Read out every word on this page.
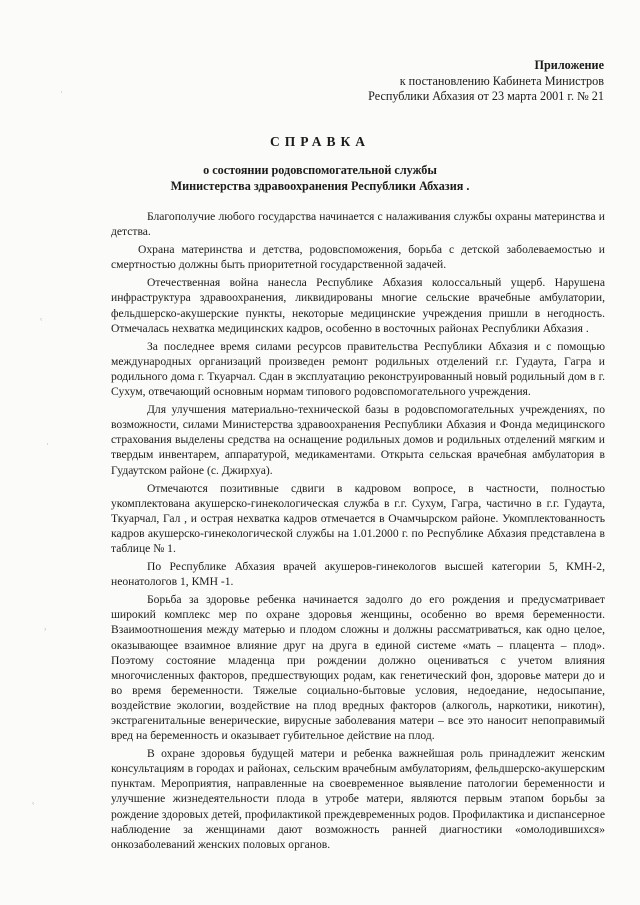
Приложение
к постановлению Кабинета Министров
Республики Абхазия от 23 марта 2001 г. № 21
СПРАВКА
о состоянии родовспомогательной службы
Министерства здравоохранения Республики Абхазия .

Благополучие любого государства начинается с налаживания службы охраны материнства и детства.

Охрана материнства и детства, родовспоможения, борьба с детской заболеваемостью и смертностью должны быть приоритетной государственной задачей.

Отечественная война нанесла Республике Абхазия колоссальный ущерб. Нарушена инфраструктура здравоохранения, ликвидированы многие сельские врачебные амбулатории, фельдшерско-акушерские пункты, некоторые медицинские учреждения пришли в негодность. Отмечалась нехватка медицинских кадров, особенно в восточных районах Республики Абхазия .

За последнее время силами ресурсов правительства Республики Абхазия и с помощью международных организаций произведен ремонт родильных отделений г.г. Гудаута, Гагра и родильного дома г. Ткуарчал. Сдан в эксплуатацию реконструированный новый родильный дом в г. Сухум, отвечающий основным нормам типового родовспомогательного учреждения.

Для улучшения материально-технической базы в родовспомогательных учреждениях, по возможности, силами Министерства здравоохранения Республики Абхазия и Фонда медицинского страхования выделены средства на оснащение родильных домов и родильных отделений мягким и твердым инвентарем, аппаратурой, медикаментами. Открыта сельская врачебная амбулатория в Гудаутском районе (с. Джирхуа).

Отмечаются позитивные сдвиги в кадровом вопросе, в частности, полностью укомплектована акушерско-гинекологическая служба в г.г. Сухум, Гагра, частично в г.г. Гудаута, Ткуарчал, Гал , и острая нехватка кадров отмечается в Очамчырском районе. Укомплектованность кадров акушерско-гинекологической службы на 1.01.2000 г. по Республике Абхазия представлена в таблице № 1.

По Республике Абхазия врачей акушеров-гинекологов высшей категории 5, КМН-2, неонатологов 1, КМН -1.

Борьба за здоровье ребенка начинается задолго до его рождения и предусматривает широкий комплекс мер по охране здоровья женщины, особенно во время беременности. Взаимоотношения между матерью и плодом сложны и должны рассматриваться, как одно целое, оказывающее взаимное влияние друг на друга в единой системе «мать – плацента – плод». Поэтому состояние младенца при рождении должно оцениваться с учетом влияния многочисленных факторов, предшествующих родам, как генетический фон, здоровье матери до и во время беременности. Тяжелые социально-бытовые условия, недоедание, недосыпание, воздействие экологии, воздействие на плод вредных факторов (алкоголь, наркотики, никотин), экстрагенитальные венерические, вирусные заболевания матери – все это наносит непоправимый вред на беременность и оказывает губительное действие на плод.

В охране здоровья будущей матери и ребенка важнейшая роль принадлежит женским консультациям в городах и районах, сельским врачебным амбулаториям, фельдшерско-акушерским пунктам. Мероприятия, направленные на своевременное выявление патологии беременности и улучшение жизнедеятельности плода в утробе матери, являются первым этапом борьбы за рождение здоровых детей, профилактикой преждевременных родов. Профилактика и диспансерное наблюдение за женщинами дают возможность ранней диагностики «омолодившихся» онкозаболеваний женских половых органов.

·
ʿ
·
ʾ
ʿ
